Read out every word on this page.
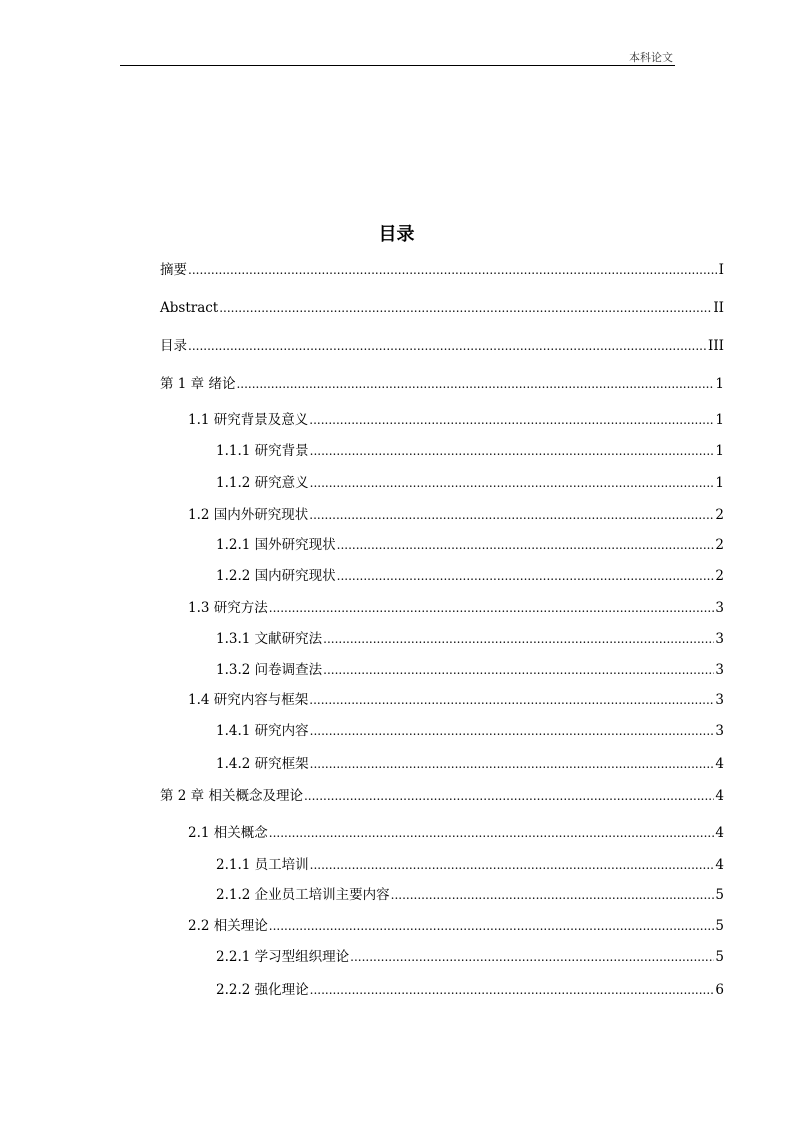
本科论文
目录
摘要 .....	I
Abstract .....	II
目录 .....	III
第 1 章 绪论 .....	1
1.1 研究背景及意义 .....	1
1.1.1 研究背景 .....	1
1.1.2 研究意义 .....	1
1.2 国内外研究现状 .....	2
1.2.1 国外研究现状 .....	2
1.2.2 国内研究现状 .....	2
1.3 研究方法 .....	3
1.3.1 文献研究法 .....	3
1.3.2 问卷调查法 .....	3
1.4 研究内容与框架 .....	3
1.4.1 研究内容 .....	3
1.4.2 研究框架 .....	4
第 2 章 相关概念及理论 .....	4
2.1 相关概念 .....	4
2.1.1 员工培训 .....	4
2.1.2 企业员工培训主要内容 .....	5
2.2 相关理论 .....	5
2.2.1 学习型组织理论 .....	5
2.2.2 强化理论 .....	6
